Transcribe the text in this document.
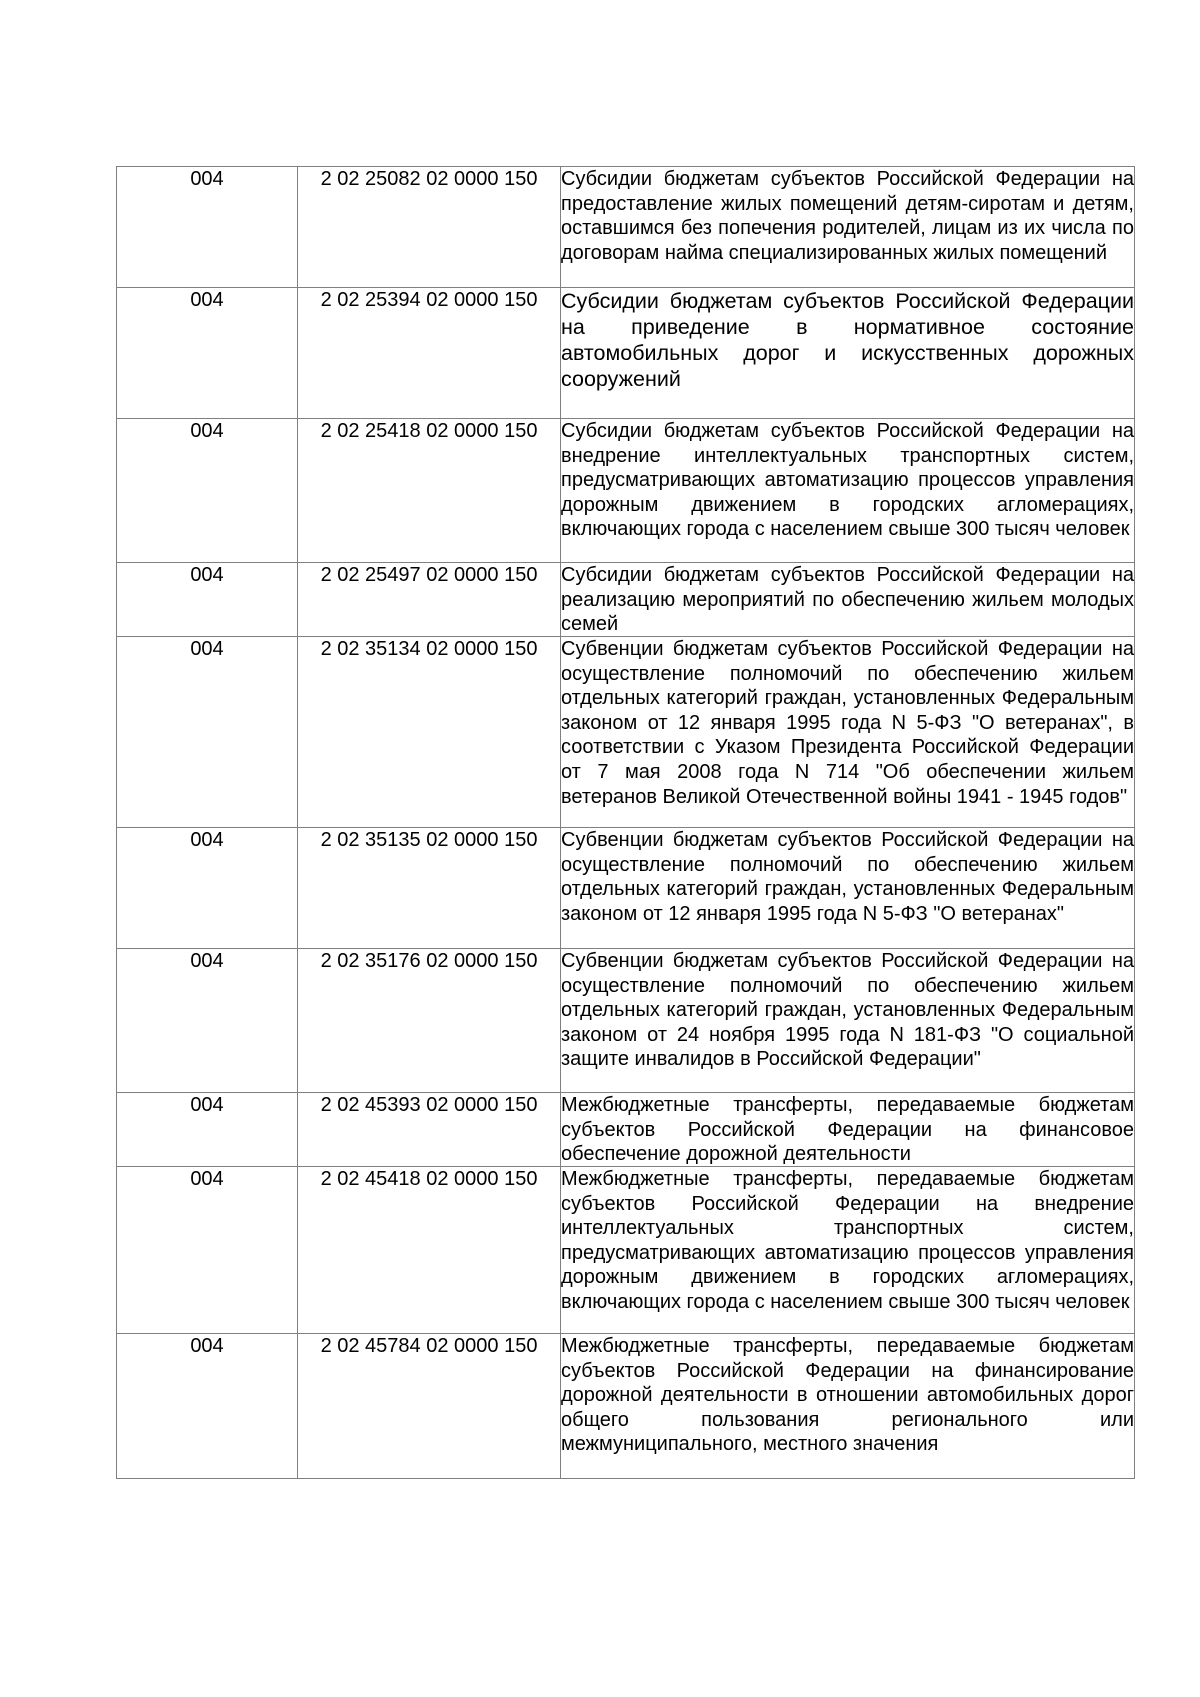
004	2 02 25082 02 0000 150	Субсидии бюджетам субъектов Российской Федерации на предоставление жилых помещений детям-сиротам и детям, оставшимся без попечения родителей, лицам из их числа по договорам найма специализированных жилых помещений

004	2 02 25394 02 0000 150	Субсидии бюджетам субъектов Российской Федерации на приведение в нормативное состояние автомобильных дорог и искусственных дорожных сооружений

004	2 02 25418 02 0000 150	Субсидии бюджетам субъектов Российской Федерации на внедрение интеллектуальных транспортных систем, предусматривающих автоматизацию процессов управления дорожным движением в городских агломерациях, включающих города с населением свыше 300 тысяч человек

004	2 02 25497 02 0000 150	Субсидии бюджетам субъектов Российской Федерации на реализацию мероприятий по обеспечению жильем молодых семей

004	2 02 35134 02 0000 150	Субвенции бюджетам субъектов Российской Федерации на осуществление полномочий по обеспечению жильем отдельных категорий граждан, установленных Федеральным законом от 12 января 1995 года N 5-ФЗ "О ветеранах", в соответствии с Указом Президента Российской Федерации от 7 мая 2008 года N 714 "Об обеспечении жильем ветеранов Великой Отечественной войны 1941 - 1945 годов"

004	2 02 35135 02 0000 150	Субвенции бюджетам субъектов Российской Федерации на осуществление полномочий по обеспечению жильем отдельных категорий граждан, установленных Федеральным законом от 12 января 1995 года N 5-ФЗ "О ветеранах"

004	2 02 35176 02 0000 150	Субвенции бюджетам субъектов Российской Федерации на осуществление полномочий по обеспечению жильем отдельных категорий граждан, установленных Федеральным законом от 24 ноября 1995 года N 181-ФЗ "О социальной защите инвалидов в Российской Федерации"

004	2 02 45393 02 0000 150	Межбюджетные трансферты, передаваемые бюджетам субъектов Российской Федерации на финансовое обеспечение дорожной деятельности

004	2 02 45418 02 0000 150	Межбюджетные трансферты, передаваемые бюджетам субъектов Российской Федерации на внедрение интеллектуальных транспортных систем, предусматривающих автоматизацию процессов управления дорожным движением в городских агломерациях, включающих города с населением свыше 300 тысяч человек

004	2 02 45784 02 0000 150	Межбюджетные трансферты, передаваемые бюджетам субъектов Российской Федерации на финансирование дорожной деятельности в отношении автомобильных дорог общего пользования регионального или межмуниципального, местного значения
